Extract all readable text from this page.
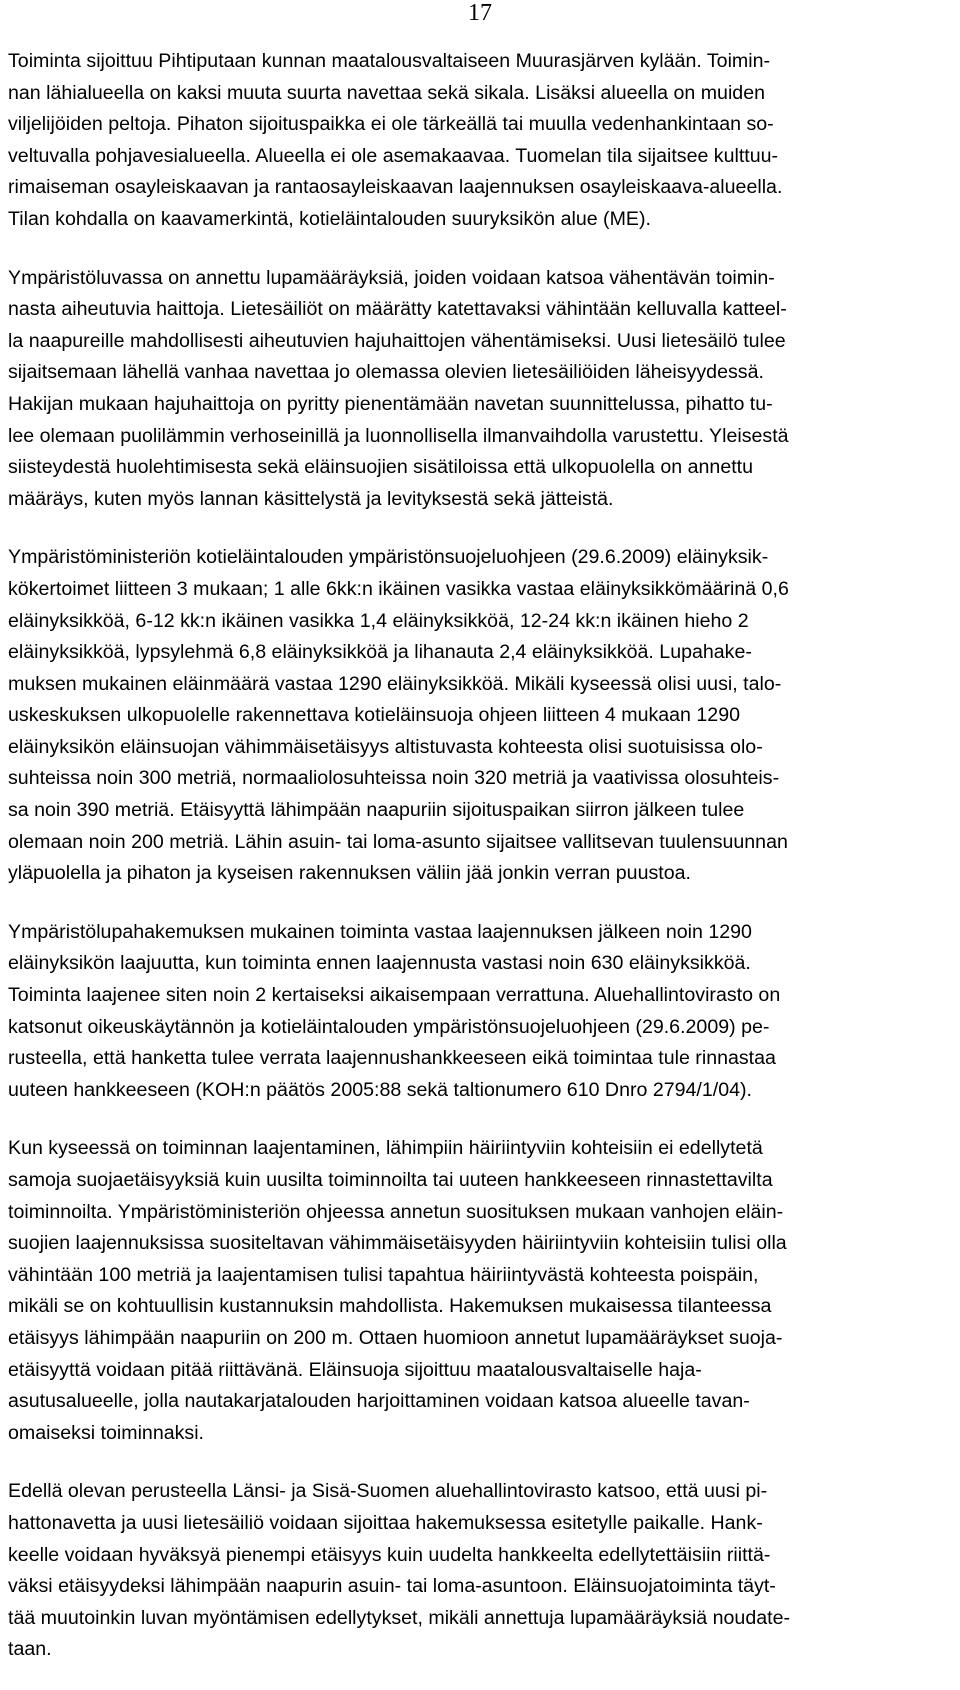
17

Toiminta sijoittuu Pihtiputaan kunnan maatalousvaltaiseen Muurasjärven kylään. Toimin-
nan lähialueella on kaksi muuta suurta navettaa sekä sikala. Lisäksi alueella on muiden
viljelijöiden peltoja. Pihaton sijoituspaikka ei ole tärkeällä tai muulla vedenhankintaan so-
veltuvalla pohjavesialueella. Alueella ei ole asemakaavaa. Tuomelan tila sijaitsee kulttuu-
rimaiseman osayleiskaavan ja rantaosayleiskaavan laajennuksen osayleiskaava-alueella.
Tilan kohdalla on kaavamerkintä, kotieläintalouden suuryksikön alue (ME).

Ympäristöluvassa on annettu lupamääräyksiä, joiden voidaan katsoa vähentävän toimin-
nasta aiheutuvia haittoja. Lietesäiliöt on määrätty katettavaksi vähintään kelluvalla katteel-
la naapureille mahdollisesti aiheutuvien hajuhaittojen vähentämiseksi. Uusi lietesäilö tulee
sijaitsemaan lähellä vanhaa navettaa jo olemassa olevien lietesäiliöiden läheisyydessä.
Hakijan mukaan hajuhaittoja on pyritty pienentämään navetan suunnittelussa, pihatto tu-
lee olemaan puolilämmin verhoseinillä ja luonnollisella ilmanvaihdolla varustettu. Yleisestä
siisteydestä huolehtimisesta sekä eläinsuojien sisätiloissa että ulkopuolella on annettu
määräys, kuten myös lannan käsittelystä ja levityksestä sekä jätteistä.

Ympäristöministeriön kotieläintalouden ympäristönsuojeluohjeen (29.6.2009) eläinyksik-
kökertoimet liitteen 3 mukaan; 1 alle 6kk:n ikäinen vasikka vastaa eläinyksikkömäärinä 0,6
eläinyksikköä, 6-12 kk:n ikäinen vasikka 1,4 eläinyksikköä, 12-24 kk:n ikäinen hieho 2
eläinyksikköä, lypsylehmä 6,8 eläinyksikköä ja lihanauta 2,4 eläinyksikköä. Lupahake-
muksen mukainen eläinmäärä vastaa 1290 eläinyksikköä. Mikäli kyseessä olisi uusi, talo-
uskeskuksen ulkopuolelle rakennettava kotieläinsuoja ohjeen liitteen 4 mukaan 1290
eläinyksikön eläinsuojan vähimmäisetäisyys altistuvasta kohteesta olisi suotuisissa olo-
suhteissa noin 300 metriä, normaaliolosuhteissa noin 320 metriä ja vaativissa olosuhteis-
sa noin 390 metriä. Etäisyyttä lähimpään naapuriin sijoituspaikan siirron jälkeen tulee
olemaan noin 200 metriä. Lähin asuin- tai loma-asunto sijaitsee vallitsevan tuulensuunnan
yläpuolella ja pihaton ja kyseisen rakennuksen väliin jää jonkin verran puustoa.

Ympäristölupahakemuksen mukainen toiminta vastaa laajennuksen jälkeen noin 1290
eläinyksikön laajuutta, kun toiminta ennen laajennusta vastasi noin 630 eläinyksikköä.
Toiminta laajenee siten noin 2 kertaiseksi aikaisempaan verrattuna. Aluehallintovirasto on
katsonut oikeuskäytännön ja kotieläintalouden ympäristönsuojeluohjeen (29.6.2009) pe-
rusteella, että hanketta tulee verrata laajennushankkeeseen eikä toimintaa tule rinnastaa
uuteen hankkeeseen (KOH:n päätös 2005:88 sekä taltionumero 610 Dnro 2794/1/04).

Kun kyseessä on toiminnan laajentaminen, lähimpiin häiriintyviin kohteisiin ei edellytetä
samoja suojaetäisyyksiä kuin uusilta toiminnoilta tai uuteen hankkeeseen rinnastettavilta
toiminnoilta. Ympäristöministeriön ohjeessa annetun suosituksen mukaan vanhojen eläin-
suojien laajennuksissa suositeltavan vähimmäisetäisyyden häiriintyviin kohteisiin tulisi olla
vähintään 100 metriä ja laajentamisen tulisi tapahtua häiriintyvästä kohteesta poispäin,
mikäli se on kohtuullisin kustannuksin mahdollista. Hakemuksen mukaisessa tilanteessa
etäisyys lähimpään naapuriin on 200 m. Ottaen huomioon annetut lupamääräykset suoja-
etäisyyttä voidaan pitää riittävänä. Eläinsuoja sijoittuu maatalousvaltaiselle haja-
asutusalueelle, jolla nautakarjatalouden harjoittaminen voidaan katsoa alueelle tavan-
omaiseksi toiminnaksi.

Edellä olevan perusteella Länsi- ja Sisä-Suomen aluehallintovirasto katsoo, että uusi pi-
hattonavetta ja uusi lietesäiliö voidaan sijoittaa hakemuksessa esitetylle paikalle. Hank-
keelle voidaan hyväksyä pienempi etäisyys kuin uudelta hankkeelta edellytettäisiin riittä-
väksi etäisyydeksi lähimpään naapurin asuin- tai loma-asuntoon. Eläinsuojatoiminta täyt-
tää muutoinkin luvan myöntämisen edellytykset, mikäli annettuja lupamääräyksiä noudate-
taan.
